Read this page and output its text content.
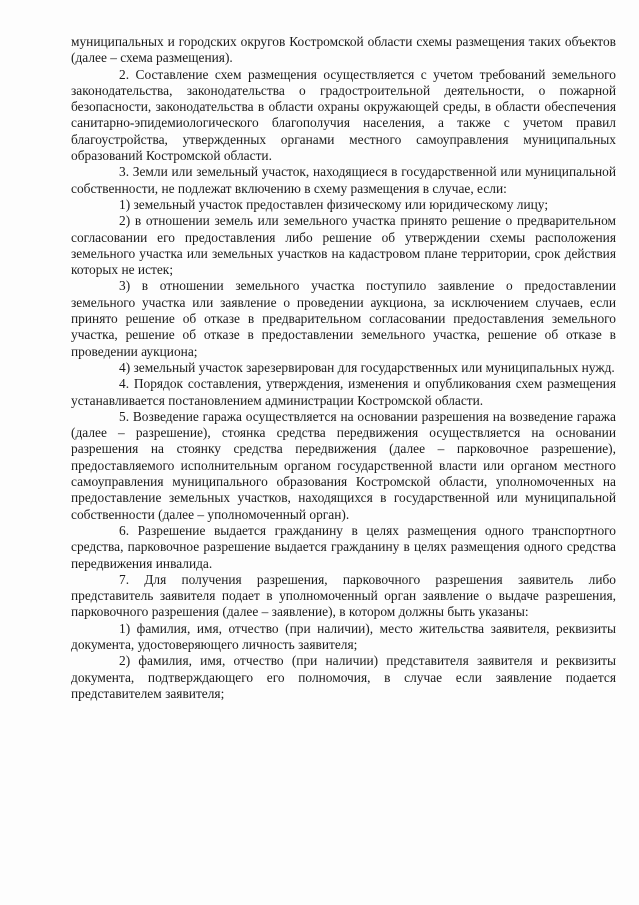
муниципальных и городских округов Костромской области схемы размещения таких объектов (далее – схема размещения).

2. Составление схем размещения осуществляется с учетом требований земельного законодательства, законодательства о градостроительной деятельности, о пожарной безопасности, законодательства в области охраны окружающей среды, в области обеспечения санитарно-эпидемиологического благополучия населения, а также с учетом правил благоустройства, утвержденных органами местного самоуправления муниципальных образований Костромской области.

3. Земли или земельный участок, находящиеся в государственной или муниципальной собственности, не подлежат включению в схему размещения в случае, если:

1) земельный участок предоставлен физическому или юридическому лицу;

2) в отношении земель или земельного участка принято решение о предварительном согласовании его предоставления либо решение об утверждении схемы расположения земельного участка или земельных участков на кадастровом плане территории, срок действия которых не истек;

3) в отношении земельного участка поступило заявление о предоставлении земельного участка или заявление о проведении аукциона, за исключением случаев, если принято решение об отказе в предварительном согласовании предоставления земельного участка, решение об отказе в предоставлении земельного участка, решение об отказе в проведении аукциона;

4) земельный участок зарезервирован для государственных или муниципальных нужд.

4. Порядок составления, утверждения, изменения и опубликования схем размещения устанавливается постановлением администрации Костромской области.

5. Возведение гаража осуществляется на основании разрешения на возведение гаража (далее – разрешение), стоянка средства передвижения осуществляется на основании разрешения на стоянку средства передвижения (далее – парковочное разрешение), предоставляемого исполнительным органом государственной власти или органом местного самоуправления муниципального образования Костромской области, уполномоченных на предоставление земельных участков, находящихся в государственной или муниципальной собственности (далее – уполномоченный орган).

6. Разрешение выдается гражданину в целях размещения одного транспортного средства, парковочное разрешение выдается гражданину в целях размещения одного средства передвижения инвалида.

7. Для получения разрешения, парковочного разрешения заявитель либо представитель заявителя подает в уполномоченный орган заявление о выдаче разрешения, парковочного разрешения (далее – заявление), в котором должны быть указаны:

1) фамилия, имя, отчество (при наличии), место жительства заявителя, реквизиты документа, удостоверяющего личность заявителя;

2) фамилия, имя, отчество (при наличии) представителя заявителя и реквизиты документа, подтверждающего его полномочия, в случае если заявление подается представителем заявителя;
